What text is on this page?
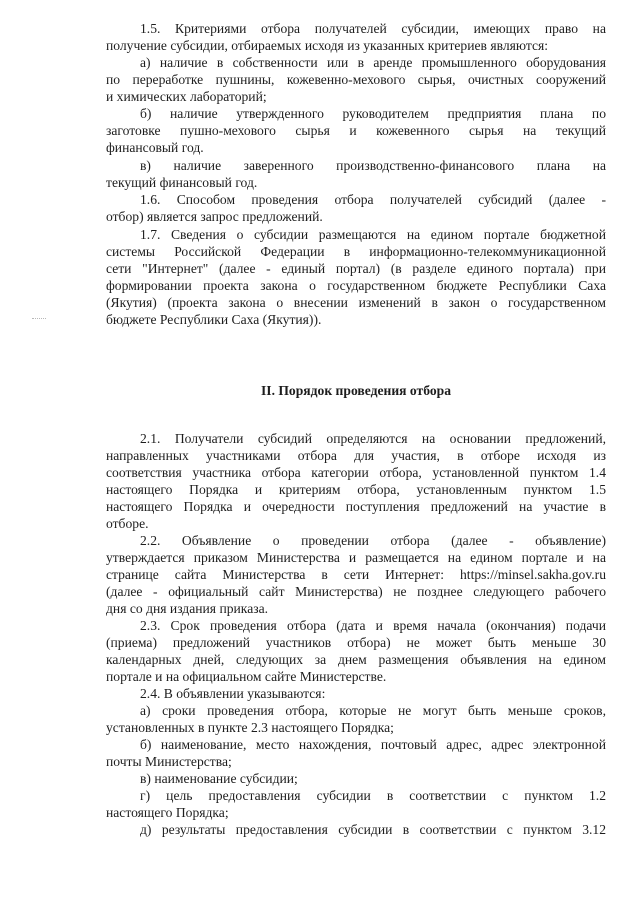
1.5. Критериями отбора получателей субсидии, имеющих право на
получение субсидии, отбираемых исходя из указанных критериев являются:
а) наличие в собственности или в аренде промышленного оборудования
по переработке пушнины, кожевенно-мехового сырья, очистных сооружений
и химических лабораторий;
б) наличие утвержденного руководителем предприятия плана по
заготовке пушно-мехового сырья и кожевенного сырья на текущий
финансовый год.
в) наличие заверенного производственно-финансового плана на
текущий финансовый год.
1.6. Способом проведения отбора получателей субсидий (далее -
отбор) является запрос предложений.
1.7. Сведения о субсидии размещаются на едином портале бюджетной
системы Российской Федерации в информационно-телекоммуникационной
сети "Интернет" (далее - единый портал) (в разделе единого портала) при
формировании проекта закона о государственном бюджете Республики Саха
(Якутия) (проекта закона о внесении изменений в закон о государственном
бюджете Республики Саха (Якутия)).
II. Порядок проведения отбора
2.1. Получатели субсидий определяются на основании предложений,
направленных участниками отбора для участия, в отборе исходя из
соответствия участника отбора категории отбора, установленной пунктом 1.4
настоящего Порядка и критериям отбора, установленным пунктом 1.5
настоящего Порядка и очередности поступления предложений на участие в
отборе.
2.2. Объявление о проведении отбора (далее - объявление)
утверждается приказом Министерства и размещается на едином портале и на
странице сайта Министерства в сети Интернет: https://minsel.sakha.gov.ru
(далее - официальный сайт Министерства) не позднее следующего рабочего
дня со дня издания приказа.
2.3. Срок проведения отбора (дата и время начала (окончания) подачи
(приема) предложений участников отбора) не может быть меньше 30
календарных дней, следующих за днем размещения объявления на едином
портале и на официальном сайте Министерстве.
2.4. В объявлении указываются:
а) сроки проведения отбора, которые не могут быть меньше сроков,
установленных в пункте 2.3 настоящего Порядка;
б) наименование, место нахождения, почтовый адрес, адрес электронной
почты Министерства;
в) наименование субсидии;
г) цель предоставления субсидии в соответствии с пунктом 1.2
настоящего Порядка;
д) результаты предоставления субсидии в соответствии с пунктом 3.12
